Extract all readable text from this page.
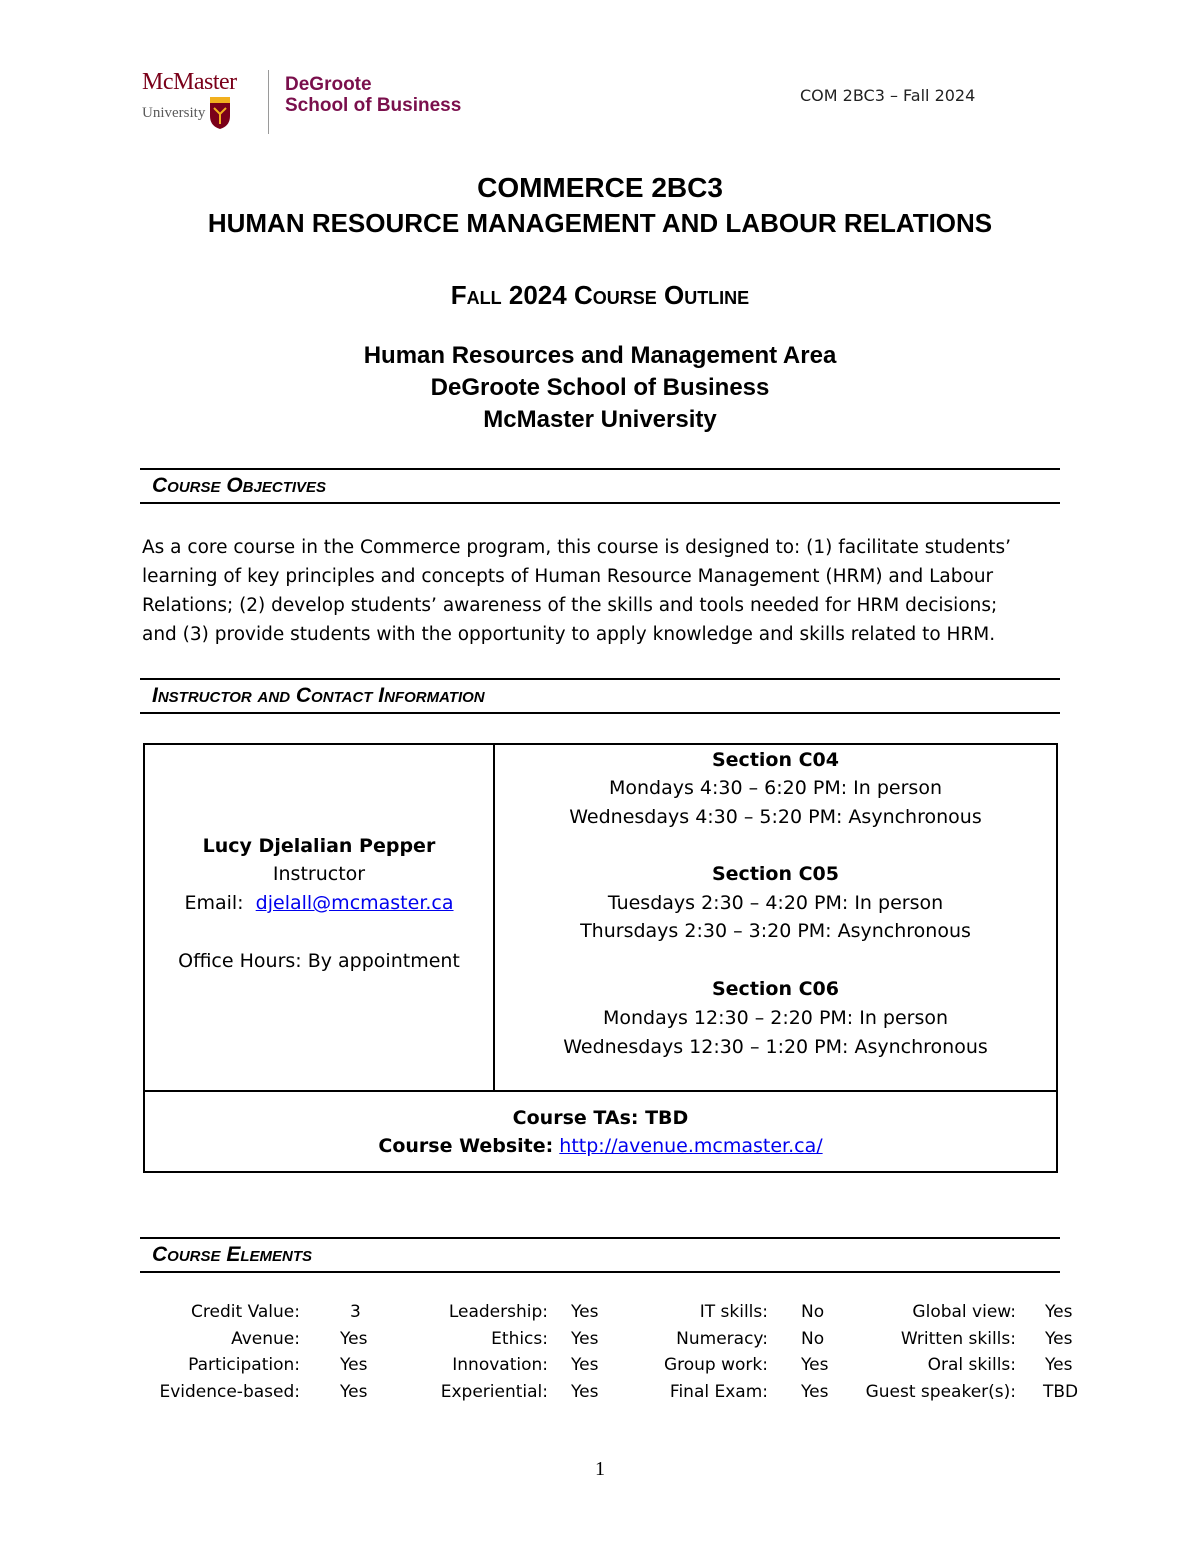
McMaster
University
DeGroote
School of Business	COM 2BC3 – Fall 2024
COMMERCE 2BC3
HUMAN RESOURCE MANAGEMENT AND LABOUR RELATIONS
Fall 2024 Course Outline
Human Resources and Management Area
DeGroote School of Business
McMaster University
Course Objectives
As a core course in the Commerce program, this course is designed to: (1) facilitate students’
learning of key principles and concepts of Human Resource Management (HRM) and Labour
Relations; (2) develop students’ awareness of the skills and tools needed for HRM decisions;
and (3) provide students with the opportunity to apply knowledge and skills related to HRM.
Instructor and Contact Information
Lucy Djelalian Pepper
Instructor
Email: djelall@mcmaster.ca
Office Hours: By appointment
Section C04
Mondays 4:30 – 6:20 PM: In person
Wednesdays 4:30 – 5:20 PM: Asynchronous
Section C05
Tuesdays 2:30 – 4:20 PM: In person
Thursdays 2:30 – 3:20 PM: Asynchronous
Section C06
Mondays 12:30 – 2:20 PM: In person
Wednesdays 12:30 – 1:20 PM: Asynchronous
Course TAs: TBD
Course Website: http://avenue.mcmaster.ca/
Course Elements
Credit Value:	3	Leadership: Yes	IT skills: No	Global view: Yes
Avenue: Yes	Ethics: Yes	Numeracy: No	Written skills: Yes
Participation: Yes	Innovation: Yes	Group work: Yes	Oral skills: Yes
Evidence-based: Yes	Experiential: Yes	Final Exam: Yes Guest speaker(s): TBD
1
